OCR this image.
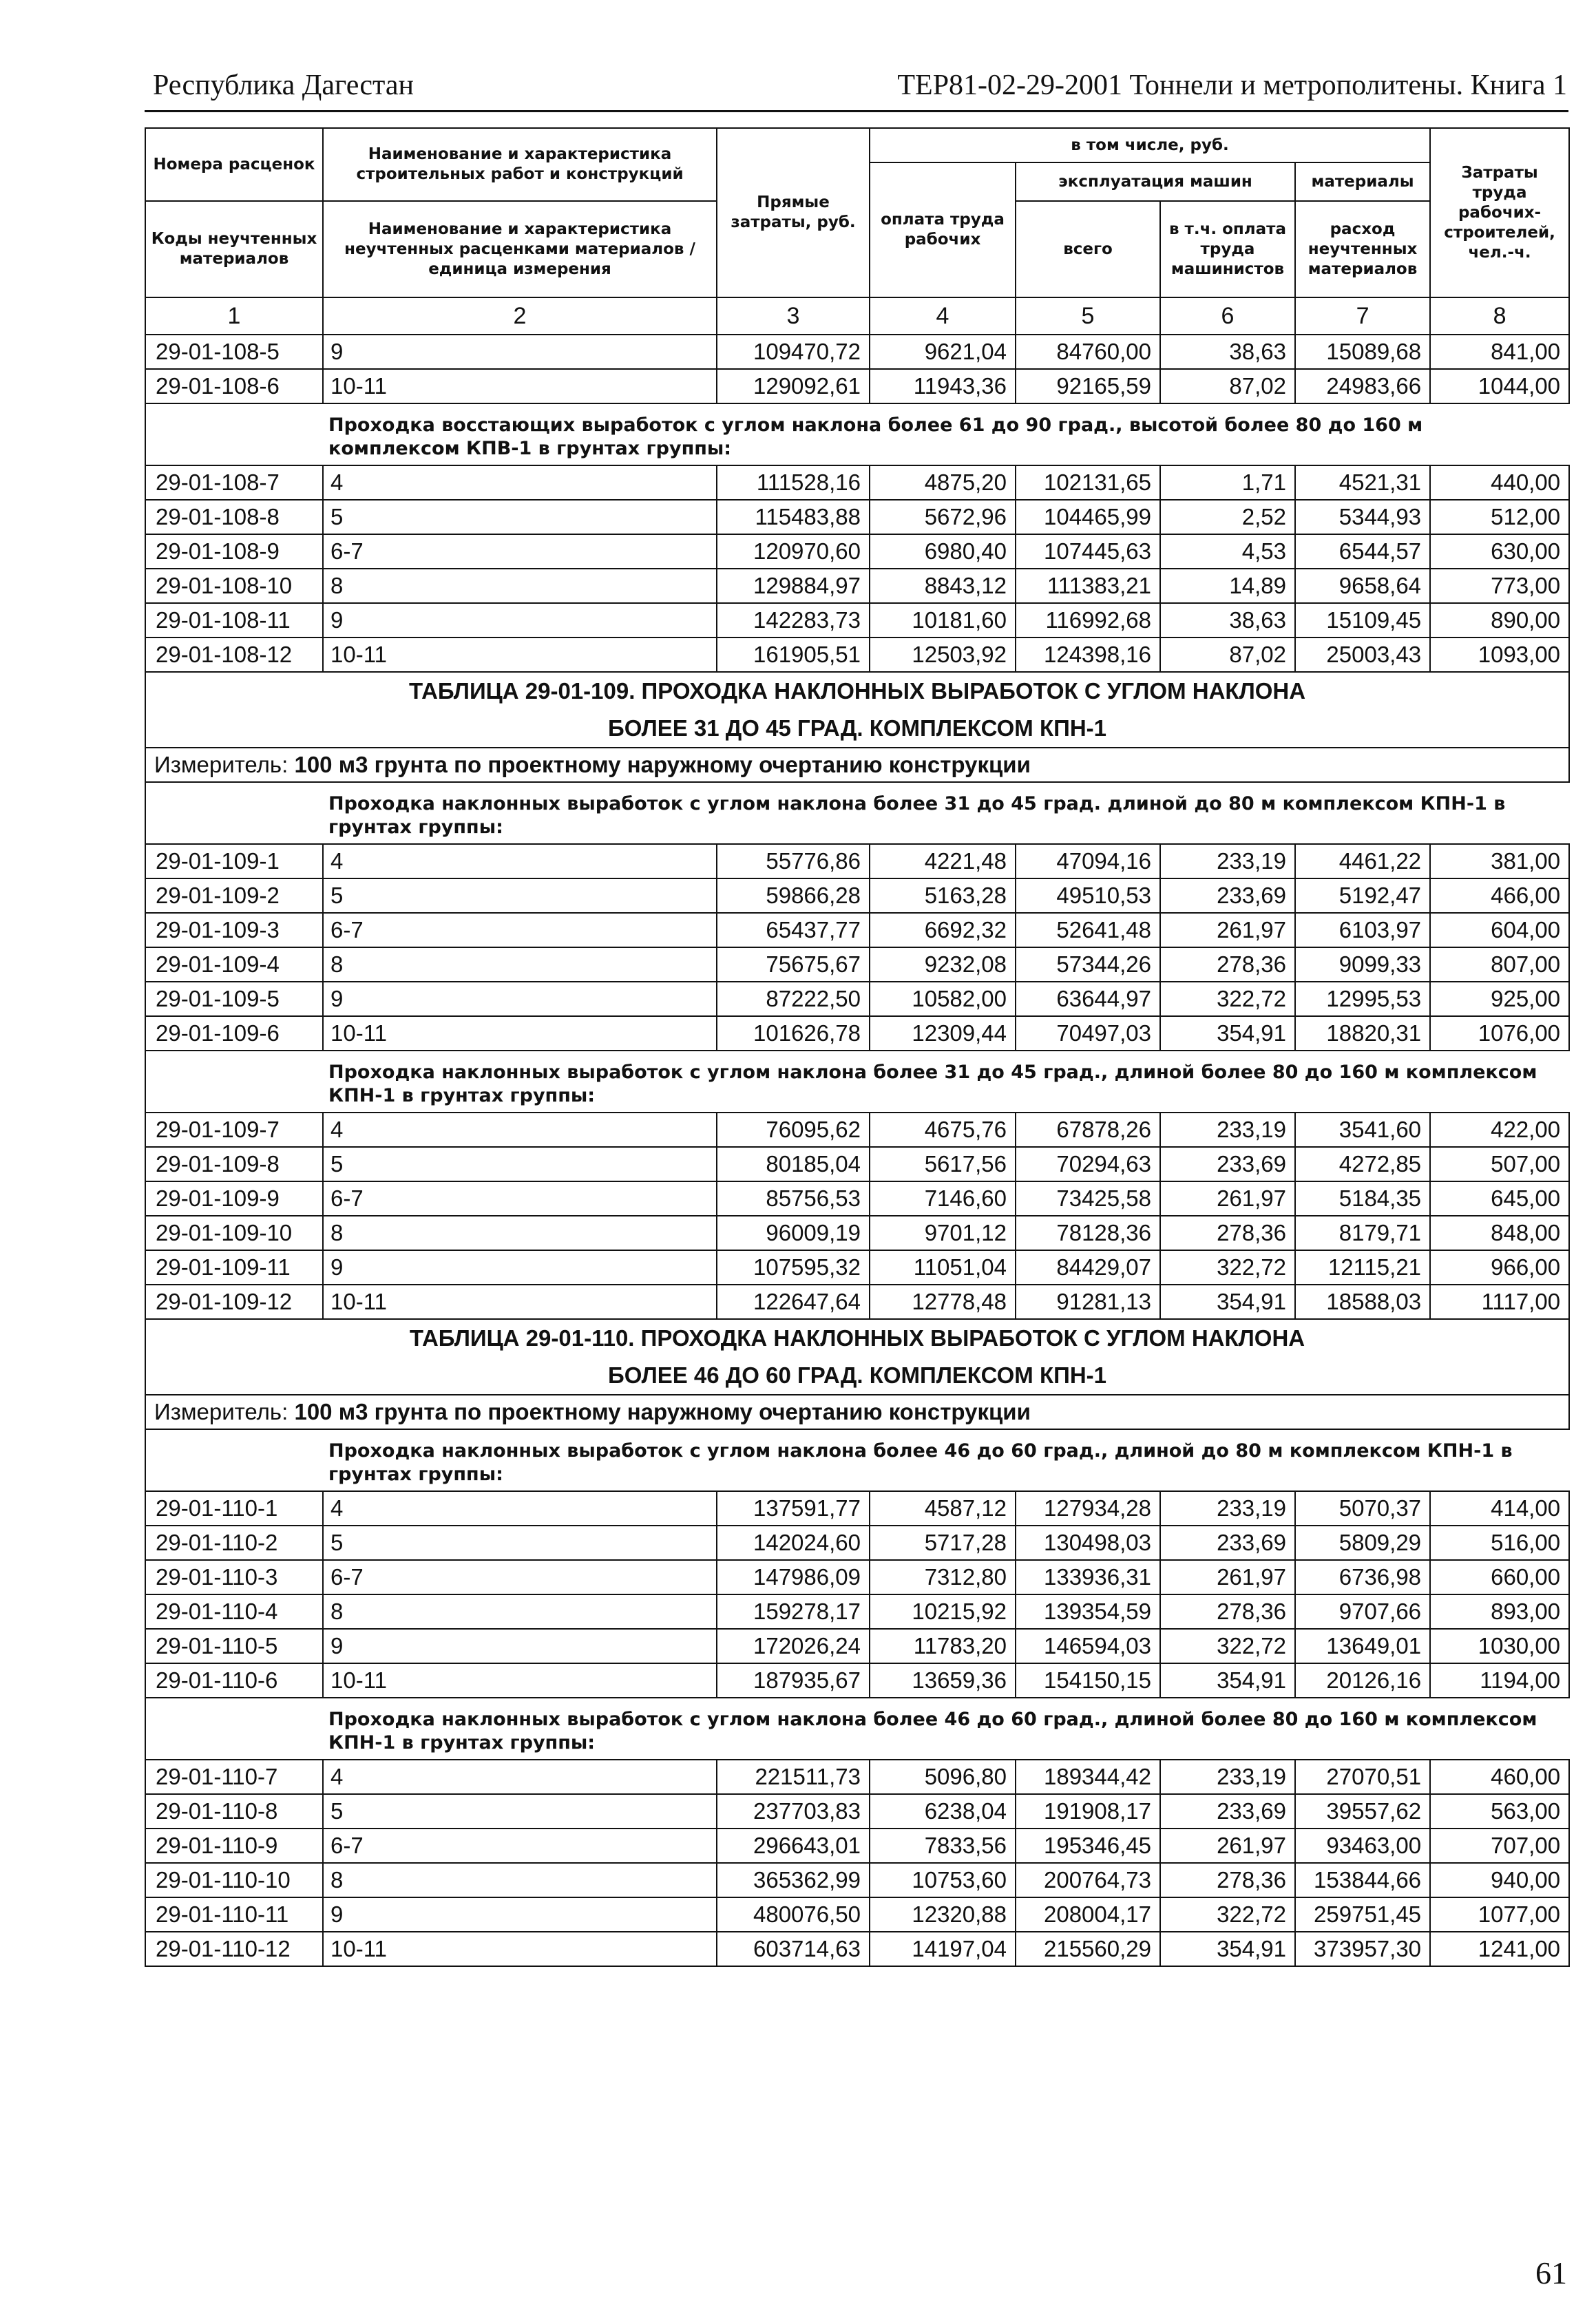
Республика Дагестан	ТЕР81-02-29-2001 Тоннели и метрополитены. Книга 1
Номера расценок	Наименование и характеристика строительных работ и конструкций	Прямые затраты, руб.	в том числе, руб.				Затраты труда рабочих-строителей, чел.-ч.
			оплата труда рабочих	эксплуатация машин		материалы	
Коды неучтенных материалов	Наименование и характеристика неучтенных расценками материалов / единица измерения			всего	в т.ч. оплата труда машинистов	расход неучтенных материалов	

1	2	3	4	5	6	7	8
29-01-108-5	9	109470,72	9621,04	84760,00	38,63	15089,68	841,00
29-01-108-6	10-11	129092,61	11943,36	92165,59	87,02	24983,66	1044,00
	Проходка восстающих выработок с углом наклона более 61 до 90 град., высотой более 80 до 160 м комплексом КПВ-1 в грунтах группы:						
29-01-108-7	4	111528,16	4875,20	102131,65	1,71	4521,31	440,00
29-01-108-8	5	115483,88	5672,96	104465,99	2,52	5344,93	512,00
29-01-108-9	6-7	120970,60	6980,40	107445,63	4,53	6544,57	630,00
29-01-108-10	8	129884,97	8843,12	111383,21	14,89	9658,64	773,00
29-01-108-11	9	142283,73	10181,60	116992,68	38,63	15109,45	890,00
29-01-108-12	10-11	161905,51	12503,92	124398,16	87,02	25003,43	1093,00

ТАБЛИЦА 29-01-109. ПРОХОДКА НАКЛОННЫХ ВЫРАБОТОК С УГЛОМ НАКЛОНА
БОЛЕЕ 31 ДО 45 ГРАД. КОМПЛЕКСОМ КПН-1							

Измеритель: 100 м3 грунта по проектному наружному очертанию конструкции							
	Проходка наклонных выработок с углом наклона более 31 до 45 град. длиной до 80 м комплексом КПН-1 в грунтах группы:						
29-01-109-1	4	55776,86	4221,48	47094,16	233,19	4461,22	381,00
29-01-109-2	5	59866,28	5163,28	49510,53	233,69	5192,47	466,00
29-01-109-3	6-7	65437,77	6692,32	52641,48	261,97	6103,97	604,00
29-01-109-4	8	75675,67	9232,08	57344,26	278,36	9099,33	807,00
29-01-109-5	9	87222,50	10582,00	63644,97	322,72	12995,53	925,00
29-01-109-6	10-11	101626,78	12309,44	70497,03	354,91	18820,31	1076,00
	Проходка наклонных выработок с углом наклона более 31 до 45 град., длиной более 80 до 160 м комплексом КПН-1 в грунтах группы:						
29-01-109-7	4	76095,62	4675,76	67878,26	233,19	3541,60	422,00
29-01-109-8	5	80185,04	5617,56	70294,63	233,69	4272,85	507,00
29-01-109-9	6-7	85756,53	7146,60	73425,58	261,97	5184,35	645,00
29-01-109-10	8	96009,19	9701,12	78128,36	278,36	8179,71	848,00
29-01-109-11	9	107595,32	11051,04	84429,07	322,72	12115,21	966,00
29-01-109-12	10-11	122647,64	12778,48	91281,13	354,91	18588,03	1117,00

ТАБЛИЦА 29-01-110. ПРОХОДКА НАКЛОННЫХ ВЫРАБОТОК С УГЛОМ НАКЛОНА
БОЛЕЕ 46 ДО 60 ГРАД. КОМПЛЕКСОМ КПН-1							

Измеритель: 100 м3 грунта по проектному наружному очертанию конструкции							
	Проходка наклонных выработок с углом наклона более 46 до 60 град., длиной до 80 м комплексом КПН-1 в грунтах группы:						
29-01-110-1	4	137591,77	4587,12	127934,28	233,19	5070,37	414,00
29-01-110-2	5	142024,60	5717,28	130498,03	233,69	5809,29	516,00
29-01-110-3	6-7	147986,09	7312,80	133936,31	261,97	6736,98	660,00
29-01-110-4	8	159278,17	10215,92	139354,59	278,36	9707,66	893,00
29-01-110-5	9	172026,24	11783,20	146594,03	322,72	13649,01	1030,00
29-01-110-6	10-11	187935,67	13659,36	154150,15	354,91	20126,16	1194,00
	Проходка наклонных выработок с углом наклона более 46 до 60 град., длиной более 80 до 160 м комплексом КПН-1 в грунтах группы:						
29-01-110-7	4	221511,73	5096,80	189344,42	233,19	27070,51	460,00
29-01-110-8	5	237703,83	6238,04	191908,17	233,69	39557,62	563,00
29-01-110-9	6-7	296643,01	7833,56	195346,45	261,97	93463,00	707,00
29-01-110-10	8	365362,99	10753,60	200764,73	278,36	153844,66	940,00
29-01-110-11	9	480076,50	12320,88	208004,17	322,72	259751,45	1077,00
29-01-110-12	10-11	603714,63	14197,04	215560,29	354,91	373957,30	1241,00
61
